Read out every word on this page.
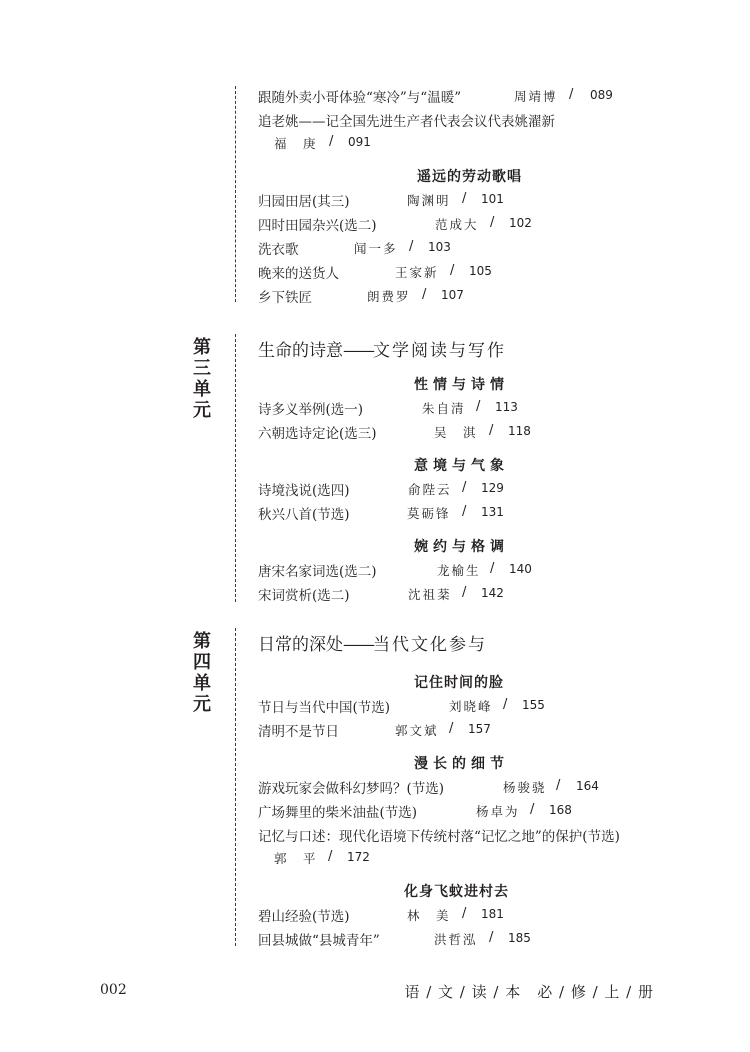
跟随外卖小哥体验“寒冷”与“温暖”	周靖博 / 089
追老姚——记全国先进生产者代表会议代表姚濯新
福　庚 / 091
遥远的劳动歌唱
归园田居(其三)	陶渊明 / 101
四时田园杂兴(选二)	范成大 / 102
洗衣歌	闻一多 / 103
晚来的送货人	王家新 / 105
乡下铁匠	朗费罗 / 107
第
三
单
元
生命的诗意——文学阅读与写作
性情与诗情
诗多义举例(选一)	朱自清 / 113
六朝选诗定论(选三)	吴　淇 / 118
意境与气象
诗境浅说(选四)	俞陛云 / 129
秋兴八首(节选)	莫砺锋 / 131
婉约与格调
唐宋名家词选(选二)	龙榆生 / 140
宋词赏析(选二)	沈祖棻 / 142
第
四
单
元
日常的深处——当代文化参与
记住时间的脸
节日与当代中国(节选)	刘晓峰 / 155
清明不是节日	郭文斌 / 157
漫长的细节
游戏玩家会做科幻梦吗？(节选)	杨骏骁 / 164
广场舞里的柴米油盐(节选)	杨卓为 / 168
记忆与口述：现代化语境下传统村落“记忆之地”的保护(节选)
郭　平 / 172
化身飞蚊进村去
碧山经验(节选)	林　美 / 181
回县城做“县城青年”	洪哲泓 / 185
002	语 / 文 / 读 / 本　必 / 修 / 上 / 册
